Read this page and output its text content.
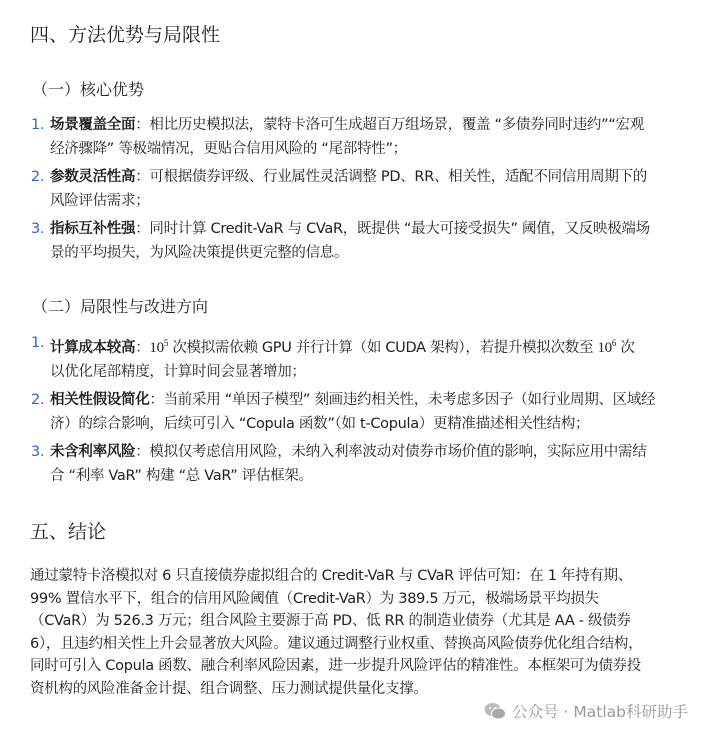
四、方法优势与局限性
（一）核心优势
1. 场景覆盖全面：相比历史模拟法，蒙特卡洛可生成超百万组场景，覆盖 “多债券同时违约”“宏观
经济骤降” 等极端情况，更贴合信用风险的 “尾部特性”；
2. 参数灵活性高：可根据债券评级、行业属性灵活调整 PD、RR、相关性，适配不同信用周期下的
风险评估需求；
3. 指标互补性强：同时计算 Credit-VaR 与 CVaR，既提供 “最大可接受损失” 阈值，又反映极端场
景的平均损失，为风险决策提供更完整的信息。
（二）局限性与改进方向
1. 计算成本较高：$10^5$ 次模拟需依赖 GPU 并行计算（如 CUDA 架构），若提升模拟次数至 $10^6$ 次
以优化尾部精度，计算时间会显著增加；
2. 相关性假设简化：当前采用 “单因子模型” 刻画违约相关性，未考虑多因子（如行业周期、区域经
济）的综合影响，后续可引入 “Copula 函数”（如 t-Copula）更精准描述相关性结构；
3. 未含利率风险：模拟仅考虑信用风险，未纳入利率波动对债券市场价值的影响，实际应用中需结
合 “利率 VaR” 构建 “总 VaR” 评估框架。
五、结论
通过蒙特卡洛模拟对 6 只直接债券虚拟组合的 Credit-VaR 与 CVaR 评估可知：在 1 年持有期、
99% 置信水平下，组合的信用风险阈值（Credit-VaR）为 389.5 万元，极端场景平均损失
（CVaR）为 526.3 万元；组合风险主要源于高 PD、低 RR 的制造业债券（尤其是 AA - 级债券
6），且违约相关性上升会显著放大风险。建议通过调整行业权重、替换高风险债券优化组合结构，
同时可引入 Copula 函数、融合利率风险因素，进一步提升风险评估的精准性。本框架可为债券投
资机构的风险准备金计提、组合调整、压力测试提供量化支撑。
公众号 · Matlab科研助手
